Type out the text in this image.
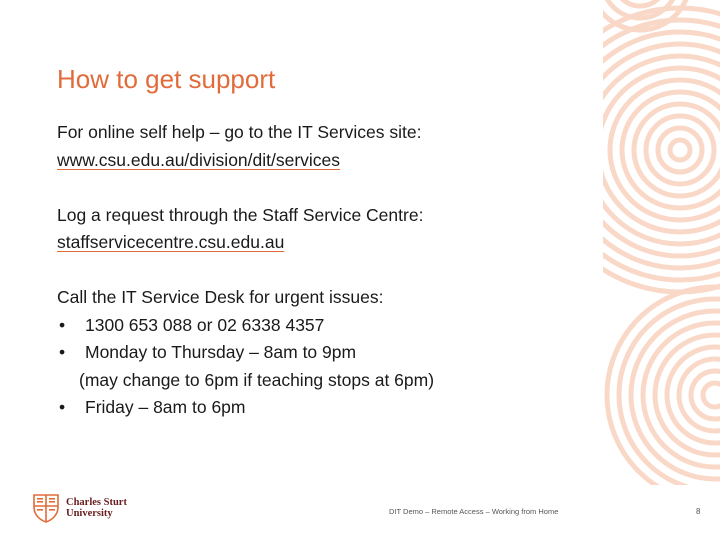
How to get support

For online self help – go to the IT Services site:

www.csu.edu.au/division/dit/services

Log a request through the Staff Service Centre:

staffservicecentre.csu.edu.au

Call the IT Service Desk for urgent issues:

• 1300 653 088 or 02 6338 4357
• Monday to Thursday – 8am to 9pm
(may change to 6pm if teaching stops at 6pm)
• Friday – 8am to 6pm
Charles Sturt
University	DIT Demo – Remote Access – Working from Home	8
